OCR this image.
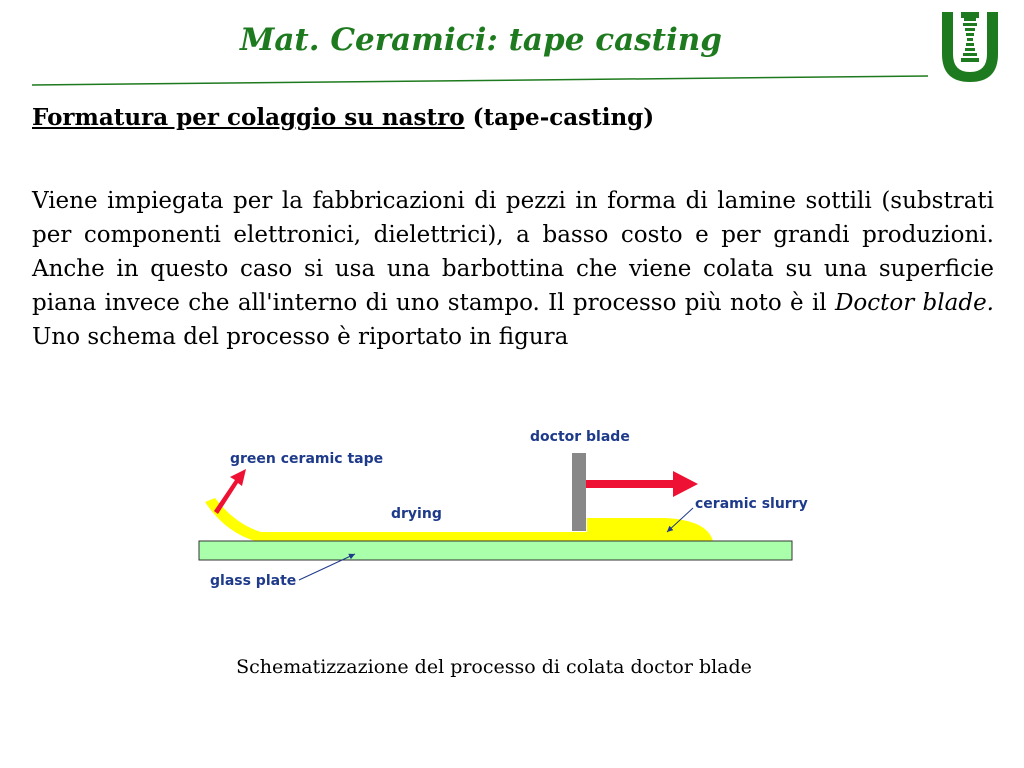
Mat. Ceramici: tape casting
Formatura per colaggio su nastro (tape-casting)
Viene impiegata per la fabbricazioni di pezzi in forma di lamine sottili (substrati per componenti elettronici, dielettrici), a basso costo e per grandi produzioni. Anche in questo caso si usa una barbottina che viene colata su una superficie piana invece che all'interno di uno stampo. Il processo più noto è il Doctor blade. Uno schema del processo è riportato in figura
doctor blade
green ceramic tape
drying
ceramic slurry
glass plate
Schematizzazione del processo di colata doctor blade
